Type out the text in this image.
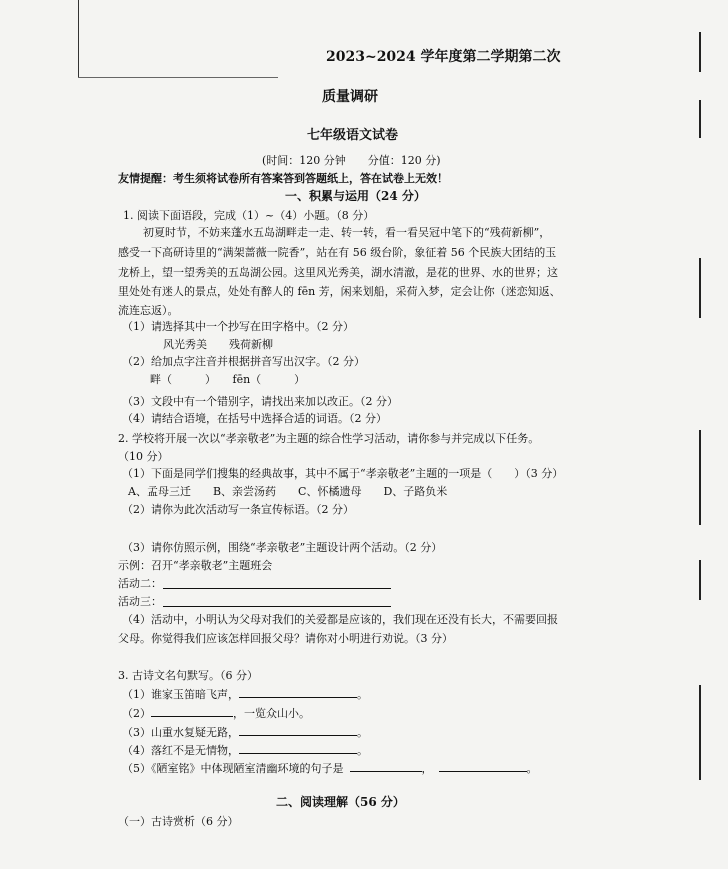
2023~2024 学年度第二学期第二次
质量调研
七年级语文试卷
(时间：120 分钟　　分值：120 分)
友情提醒：考生须将试卷所有答案答到答题纸上，答在试卷上无效！
一、积累与运用（24 分）
1. 阅读下面语段，完成（1）~（4）小题。（8 分）
初夏时节，不妨来蓬水五岛湖畔走一走、转一转，看一看吴冠中笔下的“残荷新柳”，
感受一下高研诗里的“满架蔷薇一院香”，站在有 56 级台阶，象征着 56 个民族大团结的玉
龙桥上，望一望秀美的五岛湖公园。这里风光秀美，湖水清澈，是花的世界、水的世界；这
里处处有迷人的景点，处处有醉人的 fēn 芳，闲来划船，采荷入梦，定会让你（迷恋知返、
流连忘返）。
（1）请选择其中一个抄写在田字格中。（2 分）
风光秀美　　残荷新柳
（2）给加点字注音并根据拼音写出汉字。（2 分）
畔（　　　）　　fēn（　　　）
（3）文段中有一个错别字，请找出来加以改正。（2 分）
（4）请结合语境，在括号中选择合适的词语。（2 分）
2. 学校将开展一次以“孝亲敬老”为主题的综合性学习活动，请你参与并完成以下任务。
（10 分）
（1）下面是同学们搜集的经典故事，其中不属于“孝亲敬老”主题的一项是（　　）（3 分）
A、孟母三迁　　B、亲尝汤药　　C、怀橘遗母　　D、子路负米
（2）请你为此次活动写一条宣传标语。（2 分）
（3）请你仿照示例，围绕“孝亲敬老”主题设计两个活动。（2 分）
示例：召开“孝亲敬老”主题班会
活动二：
活动三：
（4）活动中，小明认为父母对我们的关爱都是应该的，我们现在还没有长大，不需要回报
父母。你觉得我们应该怎样回报父母？请你对小明进行劝说。（3 分）
3. 古诗文名句默写。（6 分）
（1）谁家玉笛暗飞声，	。
（2）	，一览众山小。
（3）山重水复疑无路，	。
（4）落红不是无情物，	。
（5）《陋室铭》中体现陋室清幽环境的句子是	，	。
二、阅读理解（56 分）
（一）古诗赏析（6 分）
